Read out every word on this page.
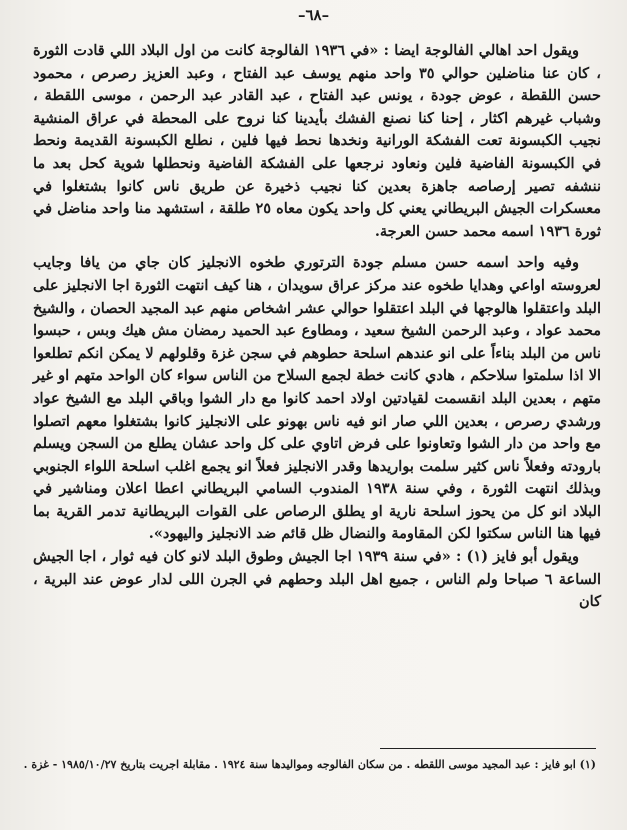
–٦٨–

ويقول احد اهالي الفالوجة ايضا : «في ١٩٣٦ الفالوجة كانت من اول البلاد اللي قادت الثورة ، كان عنا مناضلين حوالي ٣٥ واحد منهم يوسف عبد الفتاح ، وعبد العزيز رصرص ، محمود حسن اللقطة ، عوض جودة ، يونس عبد الفتاح ، عبد القادر عبد الرحمن ، موسى اللقطة ، وشباب غيرهم اكثار ، إحنا كنا نصنع الفشك بأيدينا كنا نروح على المحطة في عراق المنشية نجيب الكبسونة تعت الفشكة الورانية ونخدها نحط فيها فلين ، نطلع الكبسونة القديمة ونحط في الكبسونة الفاضية فلين ونعاود نرجعها على الفشكة الفاضية ونحطلها شوية كحل بعد ما ننشفه تصير إرصاصه جاهزة بعدين كنا نجيب ذخيرة عن طريق ناس كانوا بشتغلوا في معسكرات الجيش البريطاني يعني كل واحد يكون معاه ٢٥ طلقة ، استشهد منا واحد مناضل في ثورة ١٩٣٦ اسمه محمد حسن العرجة.

وفيه واحد اسمه حسن مسلم جودة الترتوري طخوه الانجليز كان جاي من يافا وجايب لعروسته اواعي وهدايا طخوه عند مركز عراق سويدان ، هنا كيف انتهت الثورة اجا الانجليز على البلد واعتقلوا هالوجها في البلد اعتقلوا حوالي عشر اشخاص منهم عبد المجيد الحصان ، والشيخ محمد عواد ، وعبد الرحمن الشيخ سعيد ، ومطاوع عبد الحميد رمضان مش هيك وبس ، حبسوا ناس من البلد بناءاً على انو عندهم اسلحة حطوهم في سجن غزة وقلولهم لا يمكن انكم تطلعوا الا اذا سلمتوا سلاحكم ، هادي كانت خطة لجمع السلاح من الناس سواء كان الواحد متهم او غير متهم ، بعدين البلد انقسمت لقيادتين اولاد احمد كانوا مع دار الشوا وباقي البلد مع الشيخ عواد ورشدي رصرص ، بعدين اللي صار انو فيه ناس بهونو على الانجليز كانوا بشتغلوا معهم اتصلوا مع واحد من دار الشوا وتعاونوا على فرض اتاوي على كل واحد عشان يطلع من السجن ويسلم بارودته وفعلاً ناس كثير سلمت بواريدها وقدر الانجليز فعلاً انو يجمع اغلب اسلحة اللواء الجنوبي وبذلك انتهت الثورة ، وفي سنة ١٩٣٨ المندوب السامي البريطاني اعطا اعلان ومناشير في البلاد انو كل من يحوز اسلحة نارية او يطلق الرصاص على القوات البريطانية تدمر القرية بما فيها هنا الناس سكتوا لكن المقاومة والنضال ظل قائم ضد الانجليز واليهود».

ويقول أبو فايز (١) : «في سنة ١٩٣٩ اجا الجيش وطوق البلد لانو كان فيه ثوار ، اجا الجيش الساعة ٦ صباحا ولم الناس ، جميع اهل البلد وحطهم في الجرن اللى لدار عوض عند البرية ، كان

(١) ابو فايز : عبد المجيد موسى اللقطه . من سكان الفالوجه ومواليدها سنة ١٩٢٤ . مقابلة اجريت بتاريخ ١٩٨٥/١٠/٢٧ - غزة .
